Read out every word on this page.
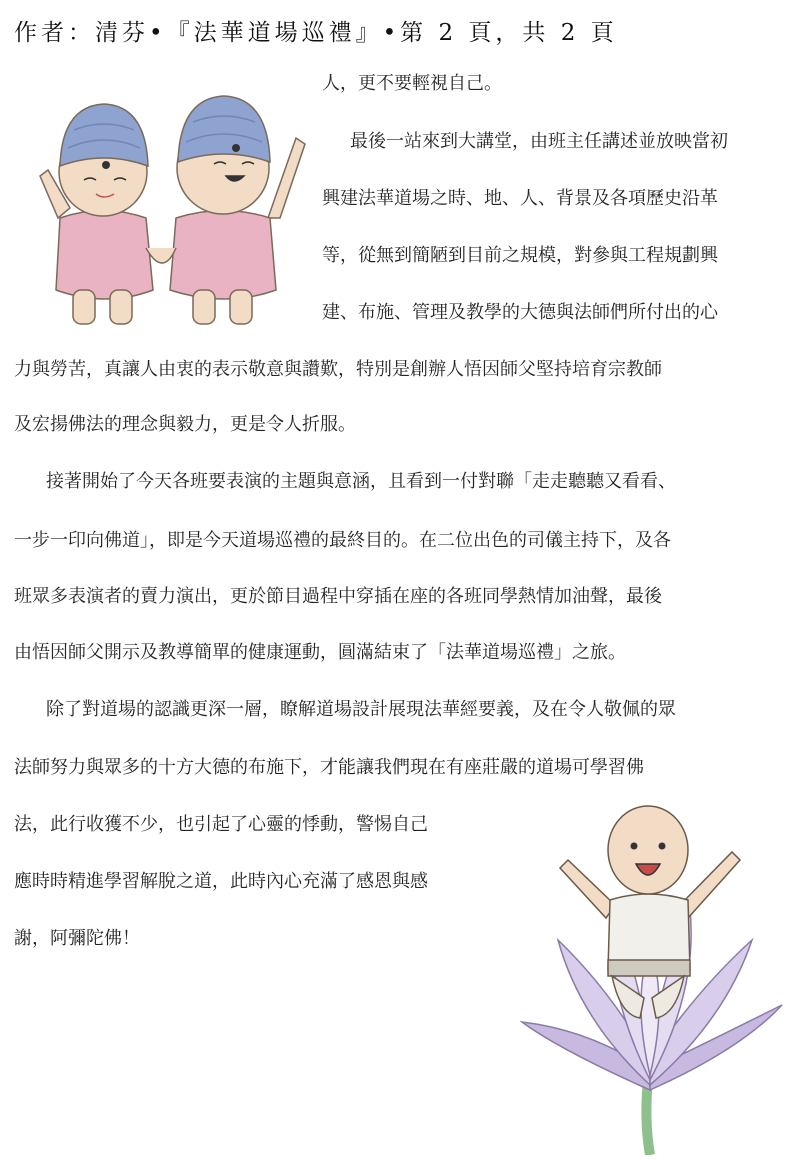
作者：清芬•『法華道場巡禮』•第 2 頁，共 2 頁
人，更不要輕視自己。
最後一站來到大講堂，由班主任講述並放映當初
興建法華道場之時、地、人、背景及各項歷史沿革
等，從無到簡陋到目前之規模，對參與工程規劃興
建、布施、管理及教學的大德與法師們所付出的心
力與勞苦，真讓人由衷的表示敬意與讚歎，特別是創辦人悟因師父堅持培育宗教師
及宏揚佛法的理念與毅力，更是令人折服。
接著開始了今天各班要表演的主題與意涵，且看到一付對聯「走走聽聽又看看、
一步一印向佛道」，即是今天道場巡禮的最終目的。在二位出色的司儀主持下，及各
班眾多表演者的賣力演出，更於節目過程中穿插在座的各班同學熱情加油聲，最後
由悟因師父開示及教導簡單的健康運動，圓滿結束了「法華道場巡禮」之旅。
除了對道場的認識更深一層，瞭解道場設計展現法華經要義，及在令人敬佩的眾
法師努力與眾多的十方大德的布施下，才能讓我們現在有座莊嚴的道場可學習佛
法，此行收獲不少，也引起了心靈的悸動，警惕自己
應時時精進學習解脫之道，此時內心充滿了感恩與感
謝，阿彌陀佛！
